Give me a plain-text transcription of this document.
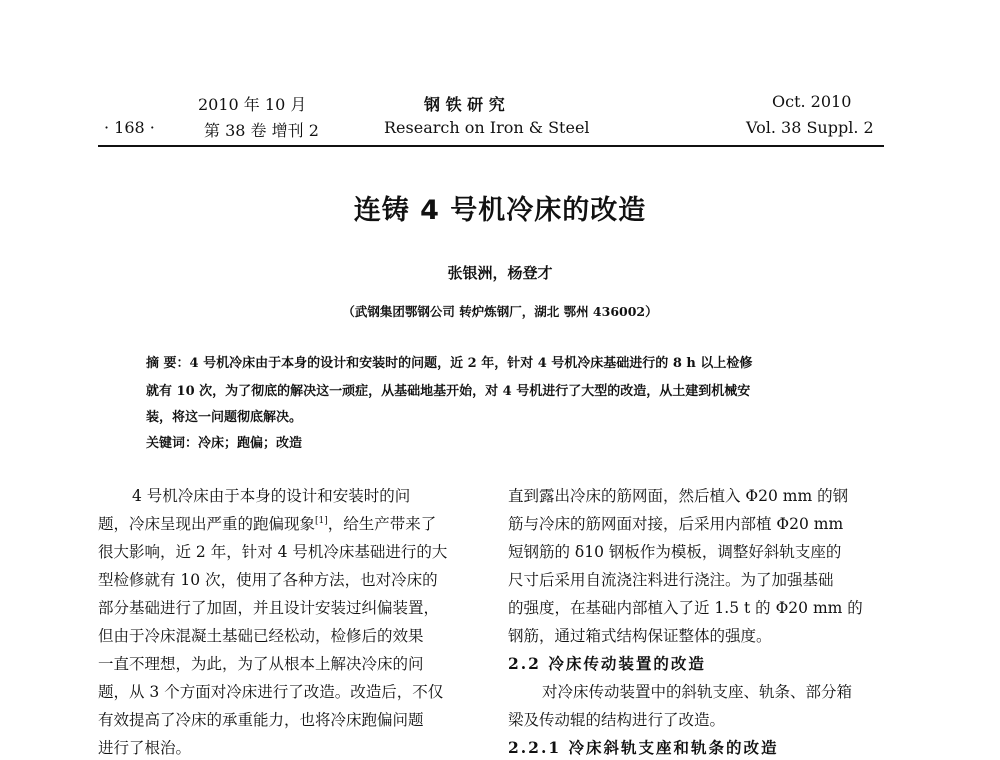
2010 年 10 月
· 168 ·	第 38 卷 增刊 2
钢 铁 研 究
Research on Iron & Steel
Oct. 2010
Vol. 38 Suppl. 2
连铸 4 号机冷床的改造
张银洲，杨登才
（武钢集团鄂钢公司 转炉炼钢厂，湖北 鄂州 436002）
摘 要：4 号机冷床由于本身的设计和安装时的问题，近 2 年，针对 4 号机冷床基础进行的 8 h 以上检修
就有 10 次，为了彻底的解决这一顽症，从基础地基开始，对 4 号机进行了大型的改造，从土建到机械安
装，将这一问题彻底解决。
关键词：冷床；跑偏；改造
4 号机冷床由于本身的设计和安装时的问
题，冷床呈现出严重的跑偏现象[1]，给生产带来了
很大影响，近 2 年，针对 4 号机冷床基础进行的大
型检修就有 10 次，使用了各种方法，也对冷床的
部分基础进行了加固，并且设计安装过纠偏装置，
但由于冷床混凝土基础已经松动，检修后的效果
一直不理想，为此，为了从根本上解决冷床的问
题，从 3 个方面对冷床进行了改造。改造后，不仅
有效提高了冷床的承重能力，也将冷床跑偏问题
进行了根治。
直到露出冷床的筋网面，然后植入 Φ20 mm 的钢
筋与冷床的筋网面对接，后采用内部植 Φ20 mm
短钢筋的 δ10 钢板作为模板，调整好斜轨支座的
尺寸后采用自流浇注料进行浇注。为了加强基础
的强度，在基础内部植入了近 1.5 t 的 Φ20 mm 的
钢筋，通过箱式结构保证整体的强度。
2.2 冷床传动装置的改造
对冷床传动装置中的斜轨支座、轨条、部分箱
梁及传动辊的结构进行了改造。
2.2.1 冷床斜轨支座和轨条的改造
